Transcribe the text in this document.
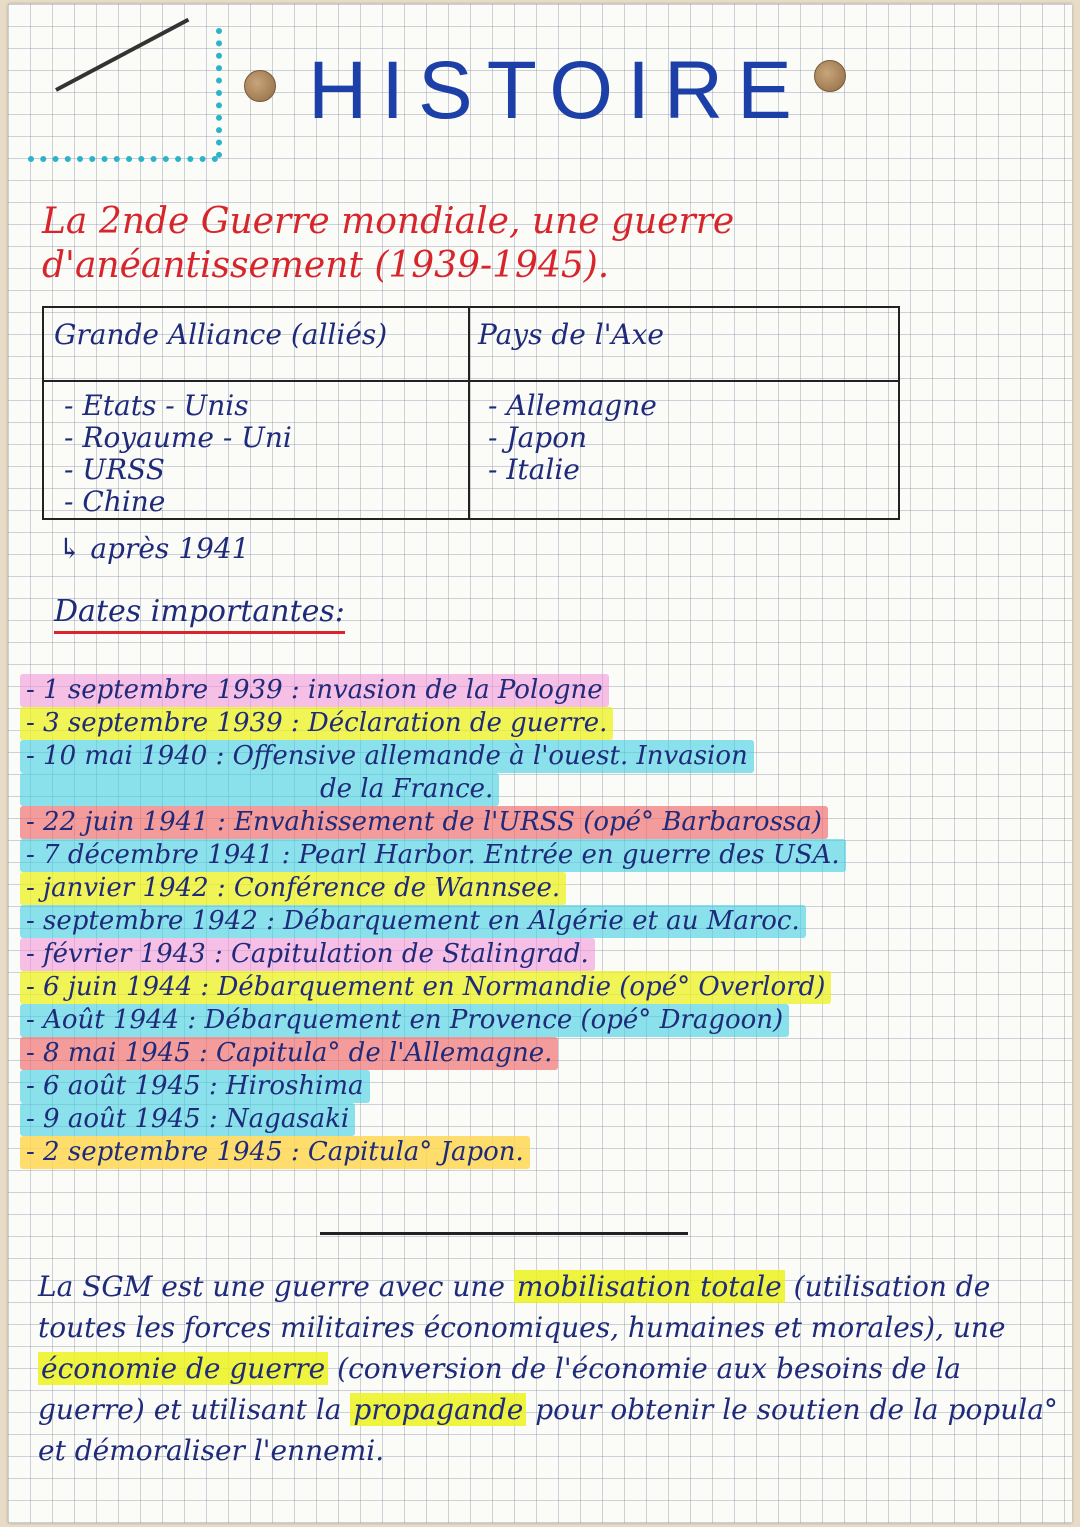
HISTOIRE
La 2nde Guerre mondiale, une guerre d'anéantissement (1939-1945).
Grande Alliance (alliés)	Pays de l'Axe
- Etats - Unis
- Royaume - Uni
- URSS
- Chine
- Allemagne
- Japon
- Italie
↳ après 1941
Dates importantes:
- 1 septembre 1939 : invasion de la Pologne
- 3 septembre 1939 : Déclaration de guerre.
- 10 mai 1940 : Offensive allemande à l'ouest. Invasion
de la France.
- 22 juin 1941 : Envahissement de l'URSS (opé° Barbarossa)
- 7 décembre 1941 : Pearl Harbor. Entrée en guerre des USA.
- janvier 1942 : Conférence de Wannsee.
- septembre 1942 : Débarquement en Algérie et au Maroc.
- février 1943 : Capitulation de Stalingrad.
- 6 juin 1944 : Débarquement en Normandie (opé° Overlord)
- Août 1944 : Débarquement en Provence (opé° Dragoon)
- 8 mai 1945 : Capitula° de l'Allemagne.
- 6 août 1945 : Hiroshima
- 9 août 1945 : Nagasaki
- 2 septembre 1945 : Capitula° Japon.

La SGM est une guerre avec une mobilisation totale (utilisation de toutes les forces militaires économiques, humaines et morales), une économie de guerre (conversion de l'économie aux besoins de la guerre) et utilisant la propagande pour obtenir le soutien de la popula° et démoraliser l'ennemi.
